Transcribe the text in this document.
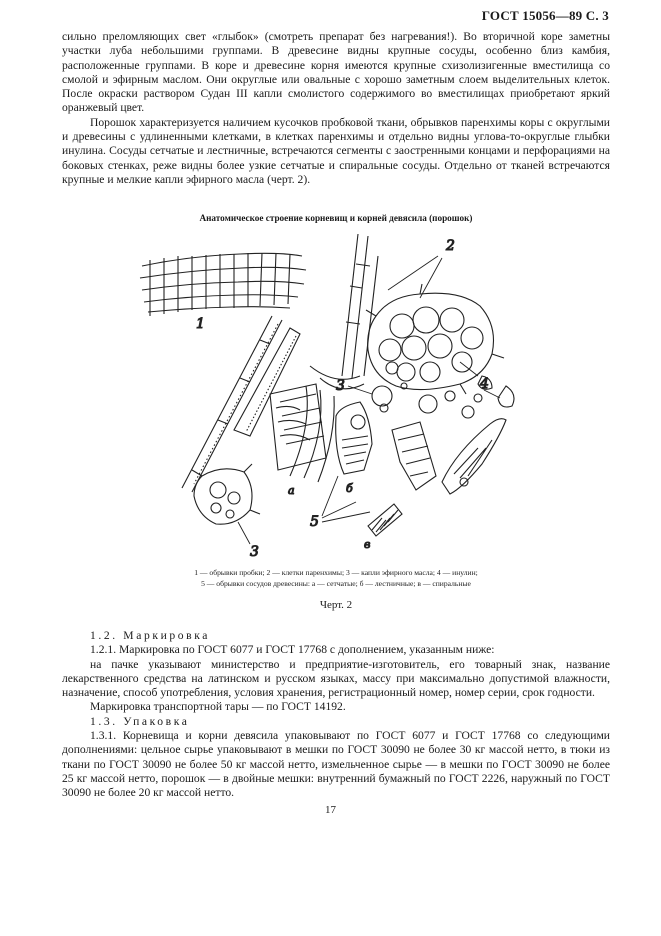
ГОСТ 15056—89 С. 3

сильно преломляющих свет «глыбок» (смотреть препарат без нагревания!). Во вторичной коре заметны участки луба небольшими группами. В древесине видны крупные сосуды, особенно близ камбия, расположенные группами. В коре и древесине корня имеются крупные схизолизигенные вместилища со смолой и эфирным маслом. Они округлые или овальные с хорошо заметным слоем выделительных клеток. После окраски раствором Судан III капли смолистого содержимого во вместилищах приобретают яркий оранжевый цвет.

Порошок характеризуется наличием кусочков пробковой ткани, обрывков паренхимы коры с округлыми и древесины с удлиненными клетками, в клетках паренхимы и отдельно видны углова-то-округлые глыбки инулина. Сосуды сетчатые и лестничные, встречаются сегменты с заостренными концами и перфорациями на боковых стенках, реже видны более узкие сетчатые и спиральные сосуды. Отдельно от тканей встречаются крупные и мелкие капли эфирного масла (черт. 2).

Анатомическое строение корневищ и корней девясила (порошок)
1
а	б
2
3	4
в
5
3
1 — обрывки пробки; 2 — клетки паренхимы; 3 — капли эфирного масла; 4 — инулин;
5 — обрывки сосудов древесины: а — сетчатые; б — лестничные; в — спиральные
Черт. 2

1.2. Маркировка

1.2.1. Маркировка по ГОСТ 6077 и ГОСТ 17768 с дополнением, указанным ниже:

на пачке указывают министерство и предприятие-изготовитель, его товарный знак, название лекарственного средства на латинском и русском языках, массу при максимально допустимой влажности, назначение, способ употребления, условия хранения, регистрационный номер, номер серии, срок годности.

Маркировка транспортной тары — по ГОСТ 14192.

1.3. Упаковка

1.3.1. Корневища и корни девясила упаковывают по ГОСТ 6077 и ГОСТ 17768 со следующими дополнениями: цельное сырье упаковывают в мешки по ГОСТ 30090 не более 30 кг массой нетто, в тюки из ткани по ГОСТ 30090 не более 50 кг массой нетто, измельченное сырье — в мешки по ГОСТ 30090 не более 25 кг массой нетто, порошок — в двойные мешки: внутренний бумажный по ГОСТ 2226, наружный по ГОСТ 30090 не более 20 кг массой нетто.

17
